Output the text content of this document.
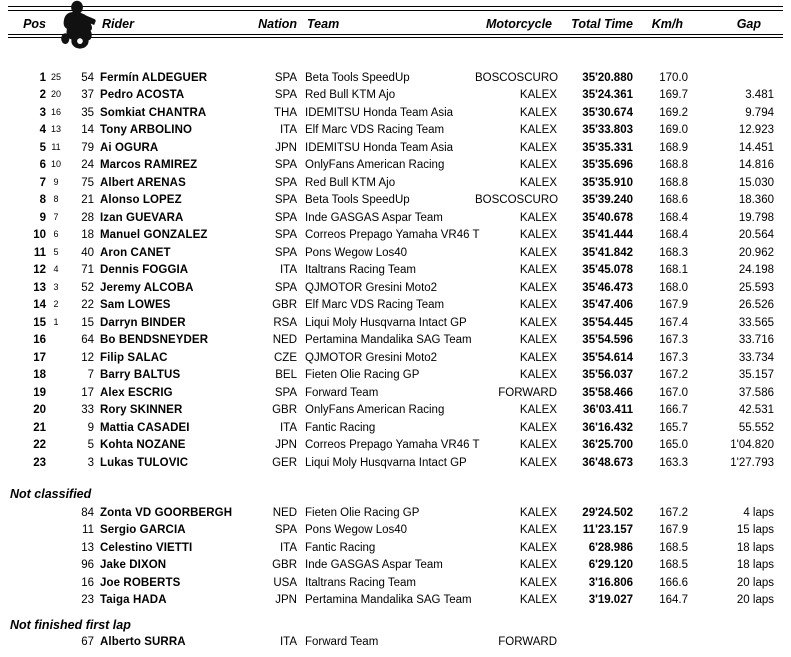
Pos	Rider	Nation Team	Motorcycle	Total Time	Km/h	Gap
1 25	54 Fermín ALDEGUER	SPA Beta Tools SpeedUp	BOSCOSCURO	35'20.880	170.0
2 20	37 Pedro ACOSTA	SPA Red Bull KTM Ajo	KALEX	35'24.361	169.7	3.481
3 16	35 Somkiat CHANTRA	THA IDEMITSU Honda Team Asia	KALEX	35'30.674	169.2	9.794
4 13	14 Tony ARBOLINO	ITA Elf Marc VDS Racing Team	KALEX	35'33.803	169.0	12.923
5 11	79 Ai OGURA	JPN IDEMITSU Honda Team Asia	KALEX	35'35.331	168.9	14.451
6 10	24 Marcos RAMIREZ	SPA OnlyFans American Racing	KALEX	35'35.696	168.8	14.816
7 9	75 Albert ARENAS	SPA Red Bull KTM Ajo	KALEX	35'35.910	168.8	15.030
8 8	21 Alonso LOPEZ	SPA Beta Tools SpeedUp	BOSCOSCURO	35'39.240	168.6	18.360
9 7	28 Izan GUEVARA	SPA Inde GASGAS Aspar Team	KALEX	35'40.678	168.4	19.798
10 6	18 Manuel GONZALEZ	SPA Correos Prepago Yamaha VR46 T	KALEX	35'41.444	168.4	20.564
11 5	40 Aron CANET	SPA Pons Wegow Los40	KALEX	35'41.842	168.3	20.962
12 4	71 Dennis FOGGIA	ITA Italtrans Racing Team	KALEX	35'45.078	168.1	24.198
13 3	52 Jeremy ALCOBA	SPA QJMOTOR Gresini Moto2	KALEX	35'46.473	168.0	25.593
14 2	22 Sam LOWES	GBR Elf Marc VDS Racing Team	KALEX	35'47.406	167.9	26.526
15 1	15 Darryn BINDER	RSA Liqui Moly Husqvarna Intact GP	KALEX	35'54.445	167.4	33.565
16	64 Bo BENDSNEYDER	NED Pertamina Mandalika SAG Team	KALEX	35'54.596	167.3	33.716
17	12 Filip SALAC	CZE QJMOTOR Gresini Moto2	KALEX	35'54.614	167.3	33.734
18	7 Barry BALTUS	BEL Fieten Olie Racing GP	KALEX	35'56.037	167.2	35.157
19	17 Alex ESCRIG	SPA Forward Team	FORWARD	35'58.466	167.0	37.586
20	33 Rory SKINNER	GBR OnlyFans American Racing	KALEX	36'03.411	166.7	42.531
21	9 Mattia CASADEI	ITA Fantic Racing	KALEX	36'16.432	165.7	55.552
22	5 Kohta NOZANE	JPN Correos Prepago Yamaha VR46 T	KALEX	36'25.700	165.0	1'04.820
23	3 Lukas TULOVIC	GER Liqui Moly Husqvarna Intact GP	KALEX	36'48.673	163.3	1'27.793
Not classified
84 Zonta VD GOORBERGH	NED Fieten Olie Racing GP	KALEX	29'24.502	167.2	4 laps
11 Sergio GARCIA	SPA Pons Wegow Los40	KALEX	11'23.157	167.9	15 laps
13 Celestino VIETTI	ITA Fantic Racing	KALEX	6'28.986	168.5	18 laps
96 Jake DIXON	GBR Inde GASGAS Aspar Team	KALEX	6'29.120	168.5	18 laps
16 Joe ROBERTS	USA Italtrans Racing Team	KALEX	3'16.806	166.6	20 laps
23 Taiga HADA	JPN Pertamina Mandalika SAG Team	KALEX	3'19.027	164.7	20 laps
Not finished first lap
67 Alberto SURRA	ITA Forward Team	FORWARD
